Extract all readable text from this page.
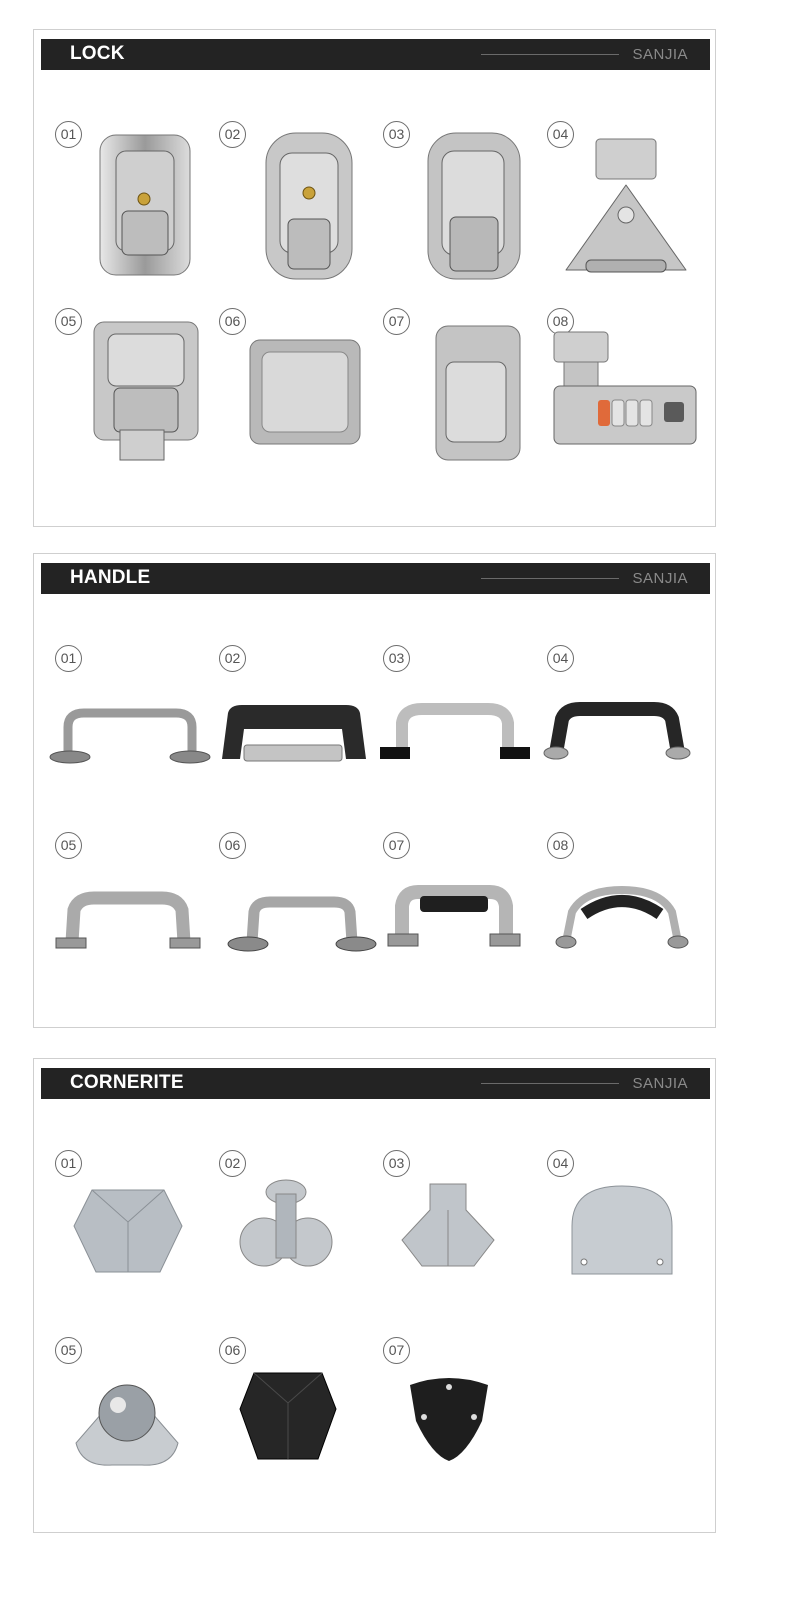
LOCK	SANJIA
01	02	03	04
05	06	07	08
HANDLE	SANJIA
01	02	03	04
05	06	07	08
CORNERITE	SANJIA
01	02	03	04
05	06	07
